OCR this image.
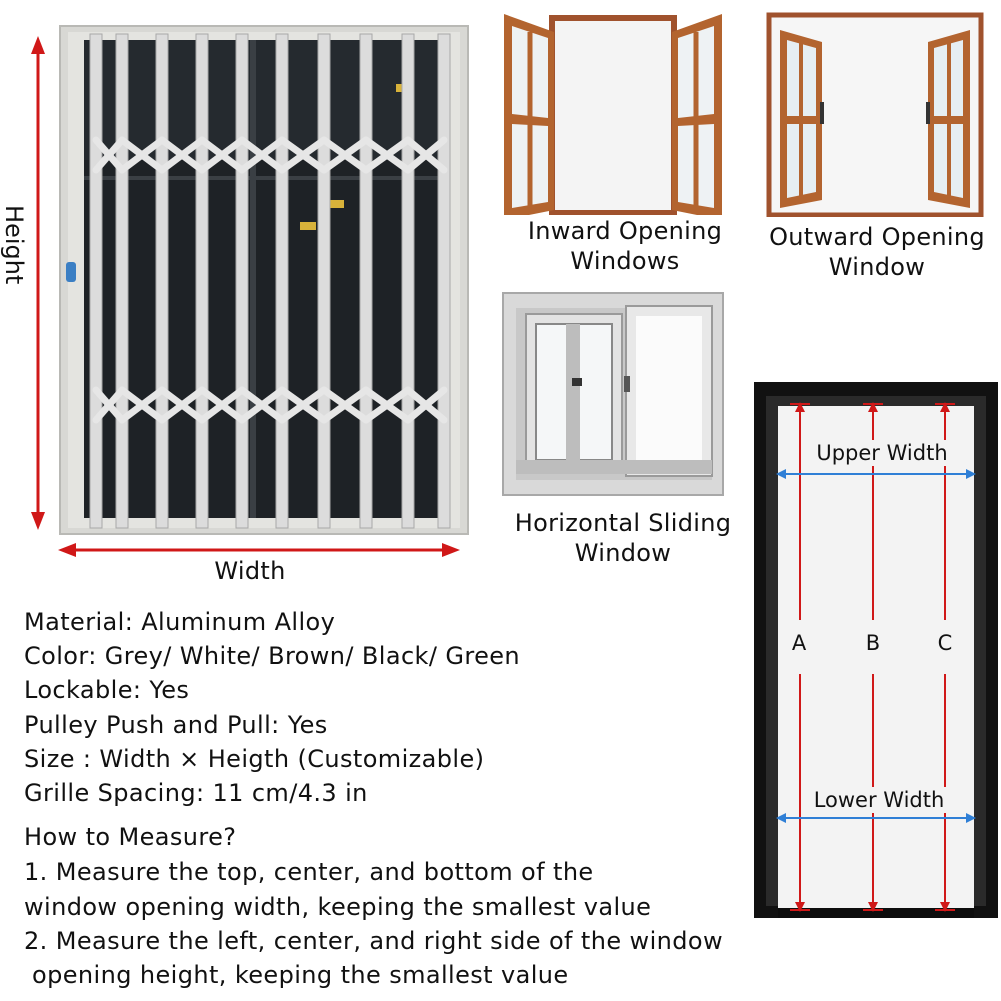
Height
Width
Inward Opening
Windows
Outward Opening
Window
Horizontal Sliding
Window
Upper Width
Lower Width
A	B	C
Material: Aluminum Alloy
Color: Grey/ White/ Brown/ Black/ Green
Lockable: Yes
Pulley Push and Pull: Yes
Size : Width × Heigth (Customizable)
Grille Spacing: 11 cm/4.3 in
How to Measure?
1. Measure the top, center, and bottom of the
window opening width, keeping the smallest value
2. Measure the left, center, and right side of the window
opening height, keeping the smallest value
